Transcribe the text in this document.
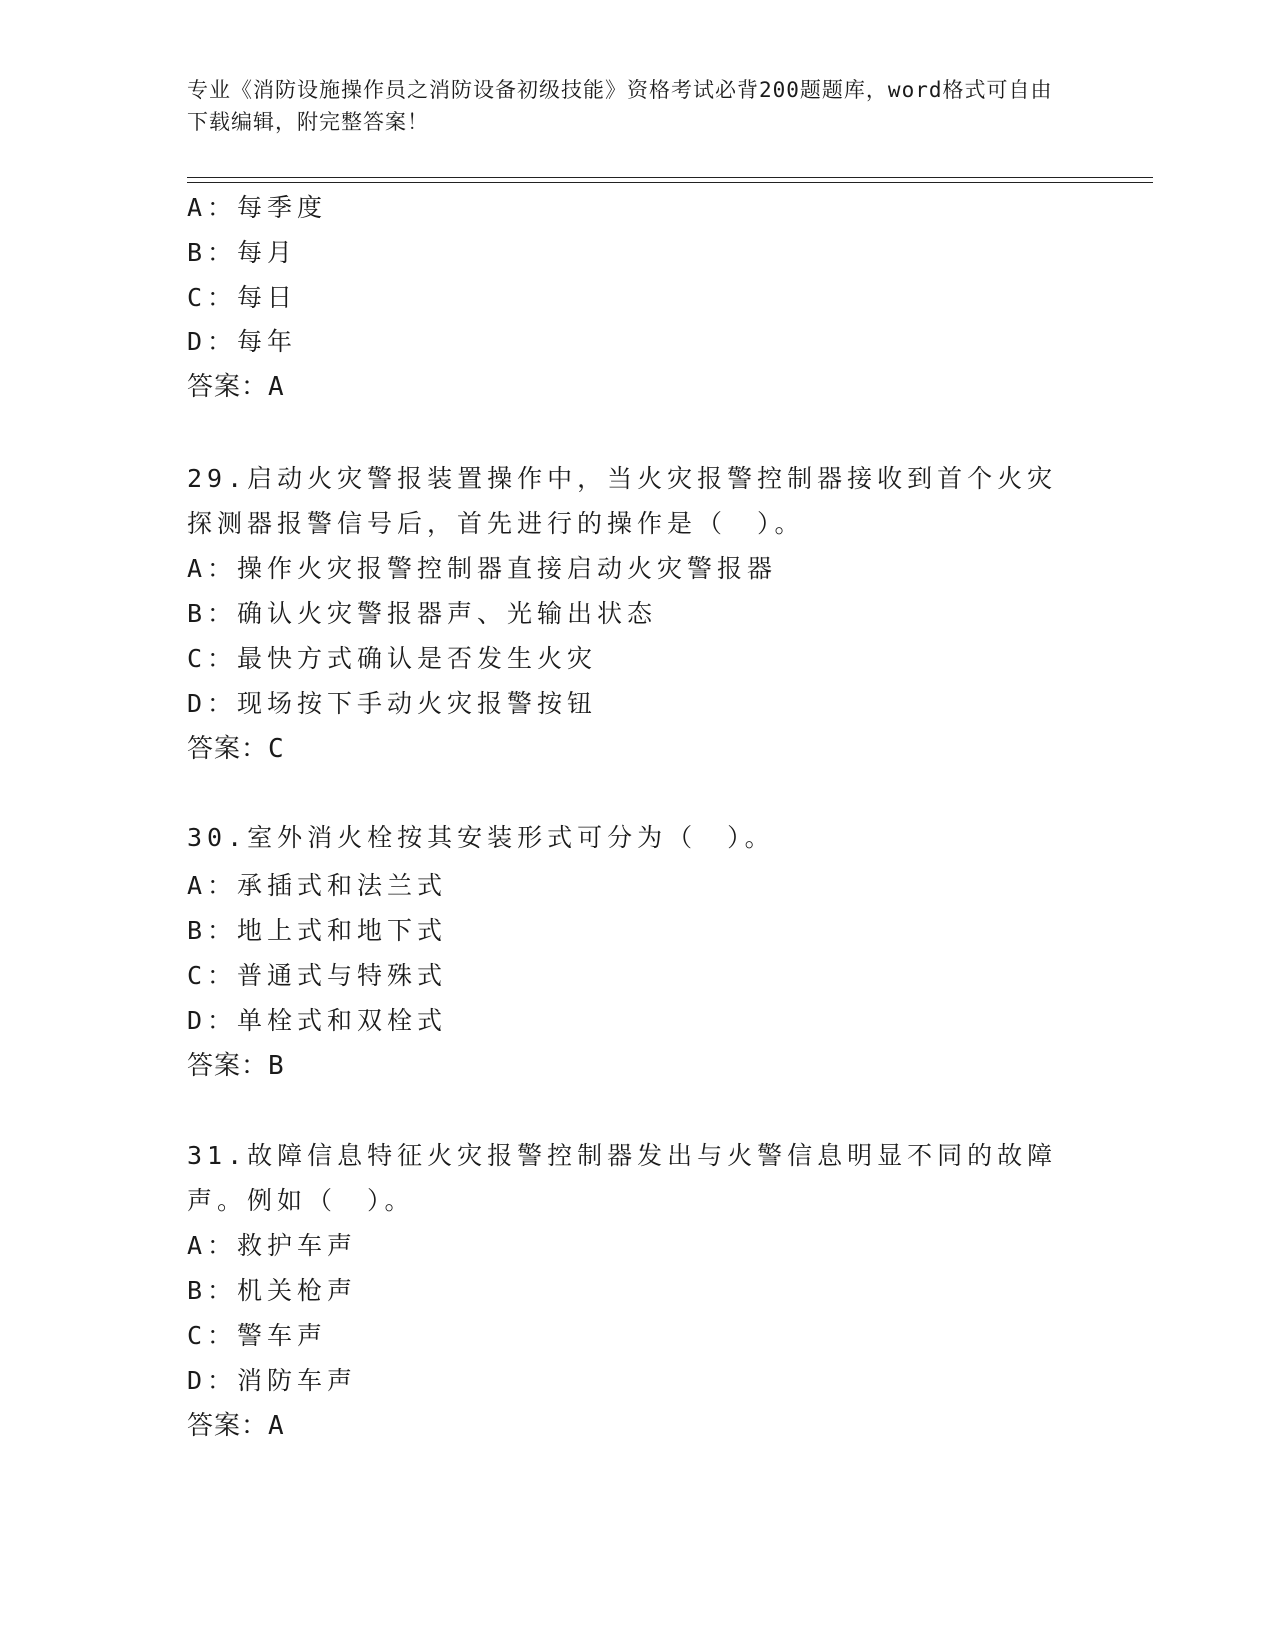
专业《消防设施操作员之消防设备初级技能》资格考试必背200题题库，word格式可自由下载编辑，附完整答案！
A：每季度
B：每月
C：每日
D：每年
答案：A
29.启动火灾警报装置操作中，当火灾报警控制器接收到首个火灾探测器报警信号后，首先进行的操作是（　）。
A：操作火灾报警控制器直接启动火灾警报器
B：确认火灾警报器声、光输出状态
C：最快方式确认是否发生火灾
D：现场按下手动火灾报警按钮
答案：C
30.室外消火栓按其安装形式可分为（　）。
A：承插式和法兰式
B：地上式和地下式
C：普通式与特殊式
D：单栓式和双栓式
答案：B
31.故障信息特征火灾报警控制器发出与火警信息明显不同的故障声。例如（　）。
A：救护车声
B：机关枪声
C：警车声
D：消防车声
答案：A
